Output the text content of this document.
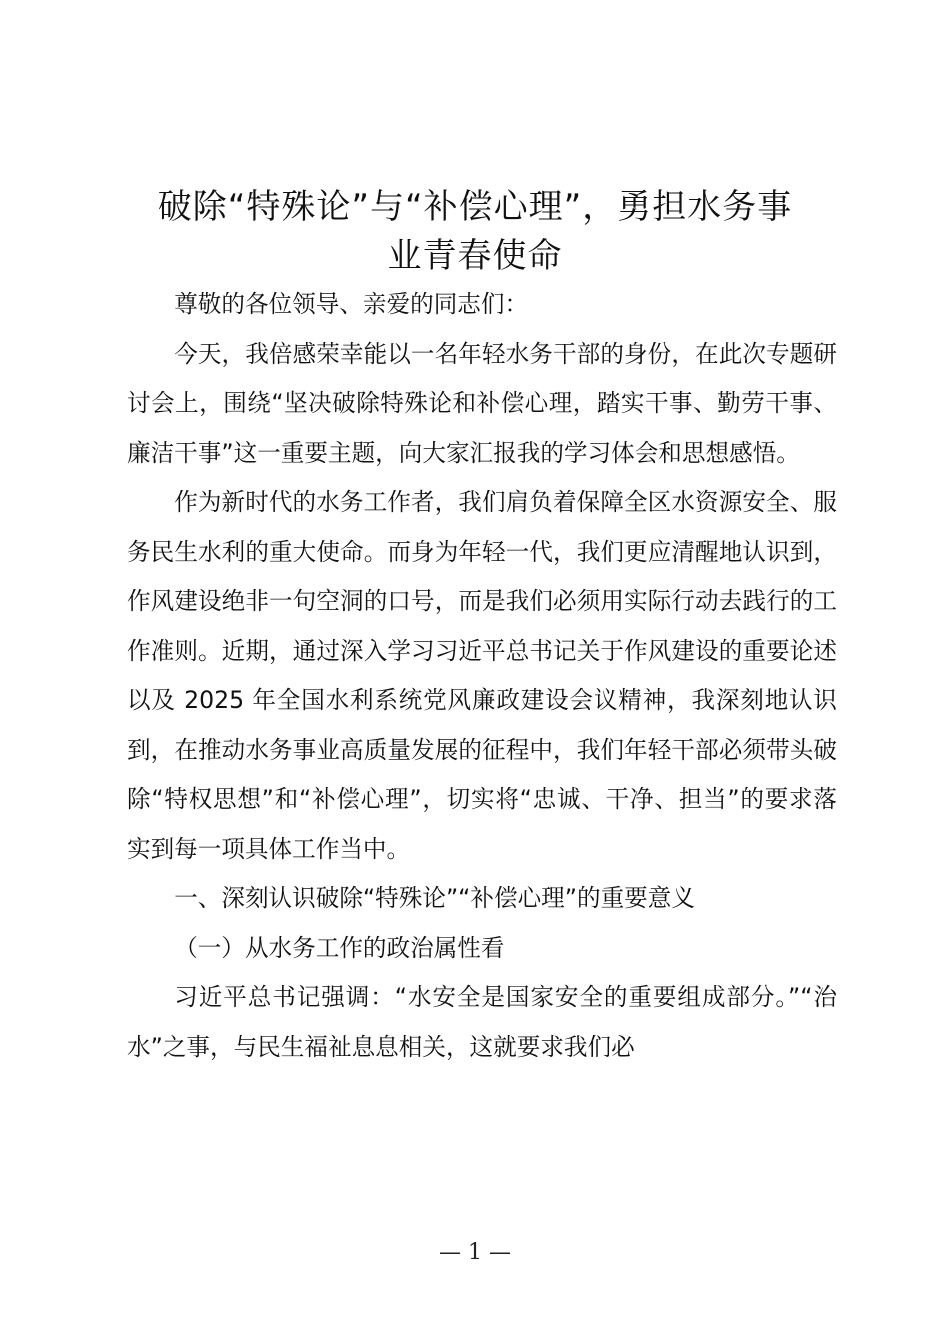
破除“特殊论”与“补偿心理”，勇担水务事
业青春使命

尊敬的各位领导、亲爱的同志们：

今天，我倍感荣幸能以一名年轻水务干部的身份，在此次专题研讨会上，围绕“坚决破除特殊论和补偿心理，踏实干事、勤劳干事、廉洁干事”这一重要主题，向大家汇报我的学习体会和思想感悟。

作为新时代的水务工作者，我们肩负着保障全区水资源安全、服务民生水利的重大使命。而身为年轻一代，我们更应清醒地认识到，作风建设绝非一句空洞的口号，而是我们必须用实际行动去践行的工作准则。近期，通过深入学习习近平总书记关于作风建设的重要论述以及 2025 年全国水利系统党风廉政建设会议精神，我深刻地认识到，在推动水务事业高质量发展的征程中，我们年轻干部必须带头破除“特权思想”和“补偿心理”，切实将“忠诚、干净、担当”的要求落实到每一项具体工作当中。

一、深刻认识破除“特殊论”“补偿心理”的重要意义

（一）从水务工作的政治属性看

习近平总书记强调：“水安全是国家安全的重要组成部分。”“治水”之事，与民生福祉息息相关，这就要求我们必

— 1 —
